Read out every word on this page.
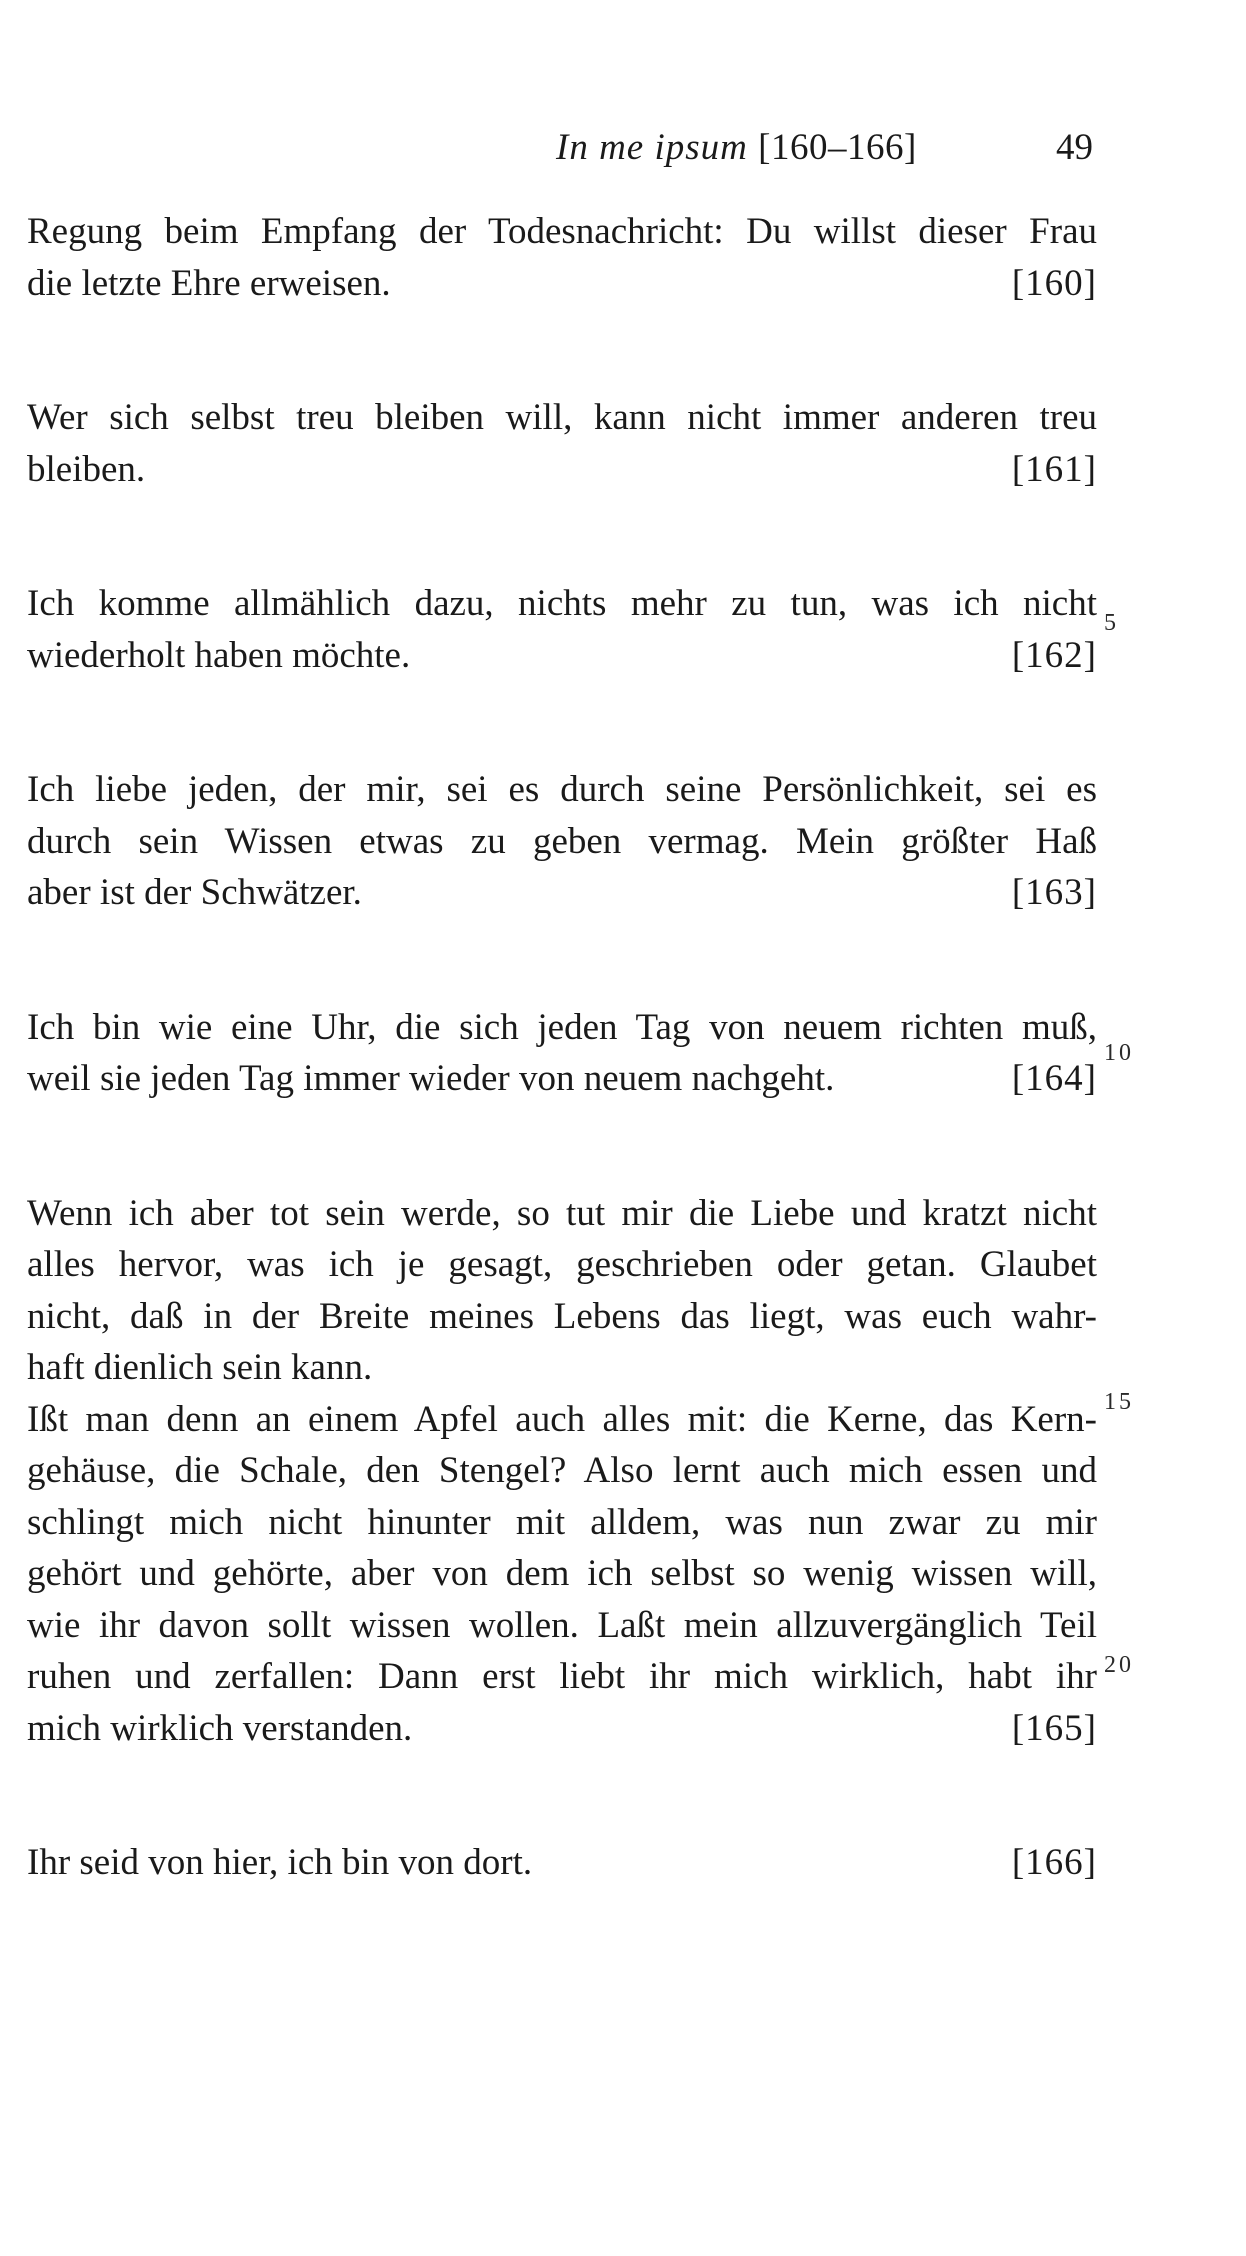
In me ipsum [160–166]	49
Regung beim Empfang der Todesnachricht: Du willst dieser Frau
die letzte Ehre erweisen.	[160]
Wer sich selbst treu bleiben will, kann nicht immer anderen treu
bleiben.	[161]
Ich komme allmählich dazu, nichts mehr zu tun, was ich nicht
wiederholt haben möchte.	[162]
Ich liebe jeden, der mir, sei es durch seine Persönlichkeit, sei es
durch sein Wissen etwas zu geben vermag. Mein größter Haß
aber ist der Schwätzer.	[163]
Ich bin wie eine Uhr, die sich jeden Tag von neuem richten muß,
weil sie jeden Tag immer wieder von neuem nachgeht.	[164]
Wenn ich aber tot sein werde, so tut mir die Liebe und kratzt nicht
alles hervor, was ich je gesagt, geschrieben oder getan. Glaubet
nicht, daß in der Breite meines Lebens das liegt, was euch wahr-
haft dienlich sein kann.
Ißt man denn an einem Apfel auch alles mit: die Kerne, das Kern-
gehäuse, die Schale, den Stengel? Also lernt auch mich essen und
schlingt mich nicht hinunter mit alldem, was nun zwar zu mir
gehört und gehörte, aber von dem ich selbst so wenig wissen will,
wie ihr davon sollt wissen wollen. Laßt mein allzuvergänglich Teil
ruhen und zerfallen: Dann erst liebt ihr mich wirklich, habt ihr
mich wirklich verstanden.	[165]
Ihr seid von hier, ich bin von dort.	[166]
5
10
15
20
